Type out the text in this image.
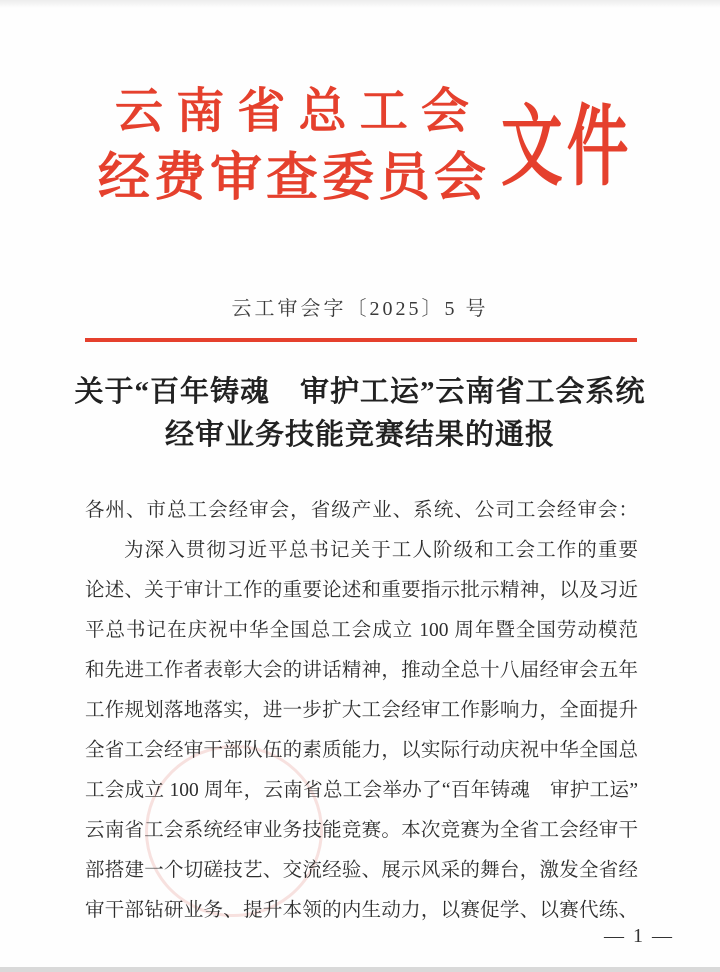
云南省总工会
经费审查委员会 文件
云工审会字〔2025〕5 号
关于“百年铸魂　审护工运”云南省工会系统
经审业务技能竞赛结果的通报
各州、市总工会经审会，省级产业、系统、公司工会经审会：
为深入贯彻习近平总书记关于工人阶级和工会工作的重要
论述、关于审计工作的重要论述和重要指示批示精神，以及习近
平总书记在庆祝中华全国总工会成立 100 周年暨全国劳动模范
和先进工作者表彰大会的讲话精神，推动全总十八届经审会五年
工作规划落地落实，进一步扩大工会经审工作影响力，全面提升
全省工会经审干部队伍的素质能力，以实际行动庆祝中华全国总
工会成立 100 周年，云南省总工会举办了“百年铸魂　审护工运”
云南省工会系统经审业务技能竞赛。本次竞赛为全省工会经审干
部搭建一个切磋技艺、交流经验、展示风采的舞台，激发全省经
审干部钻研业务、提升本领的内生动力，以赛促学、以赛代练、
— 1 —
